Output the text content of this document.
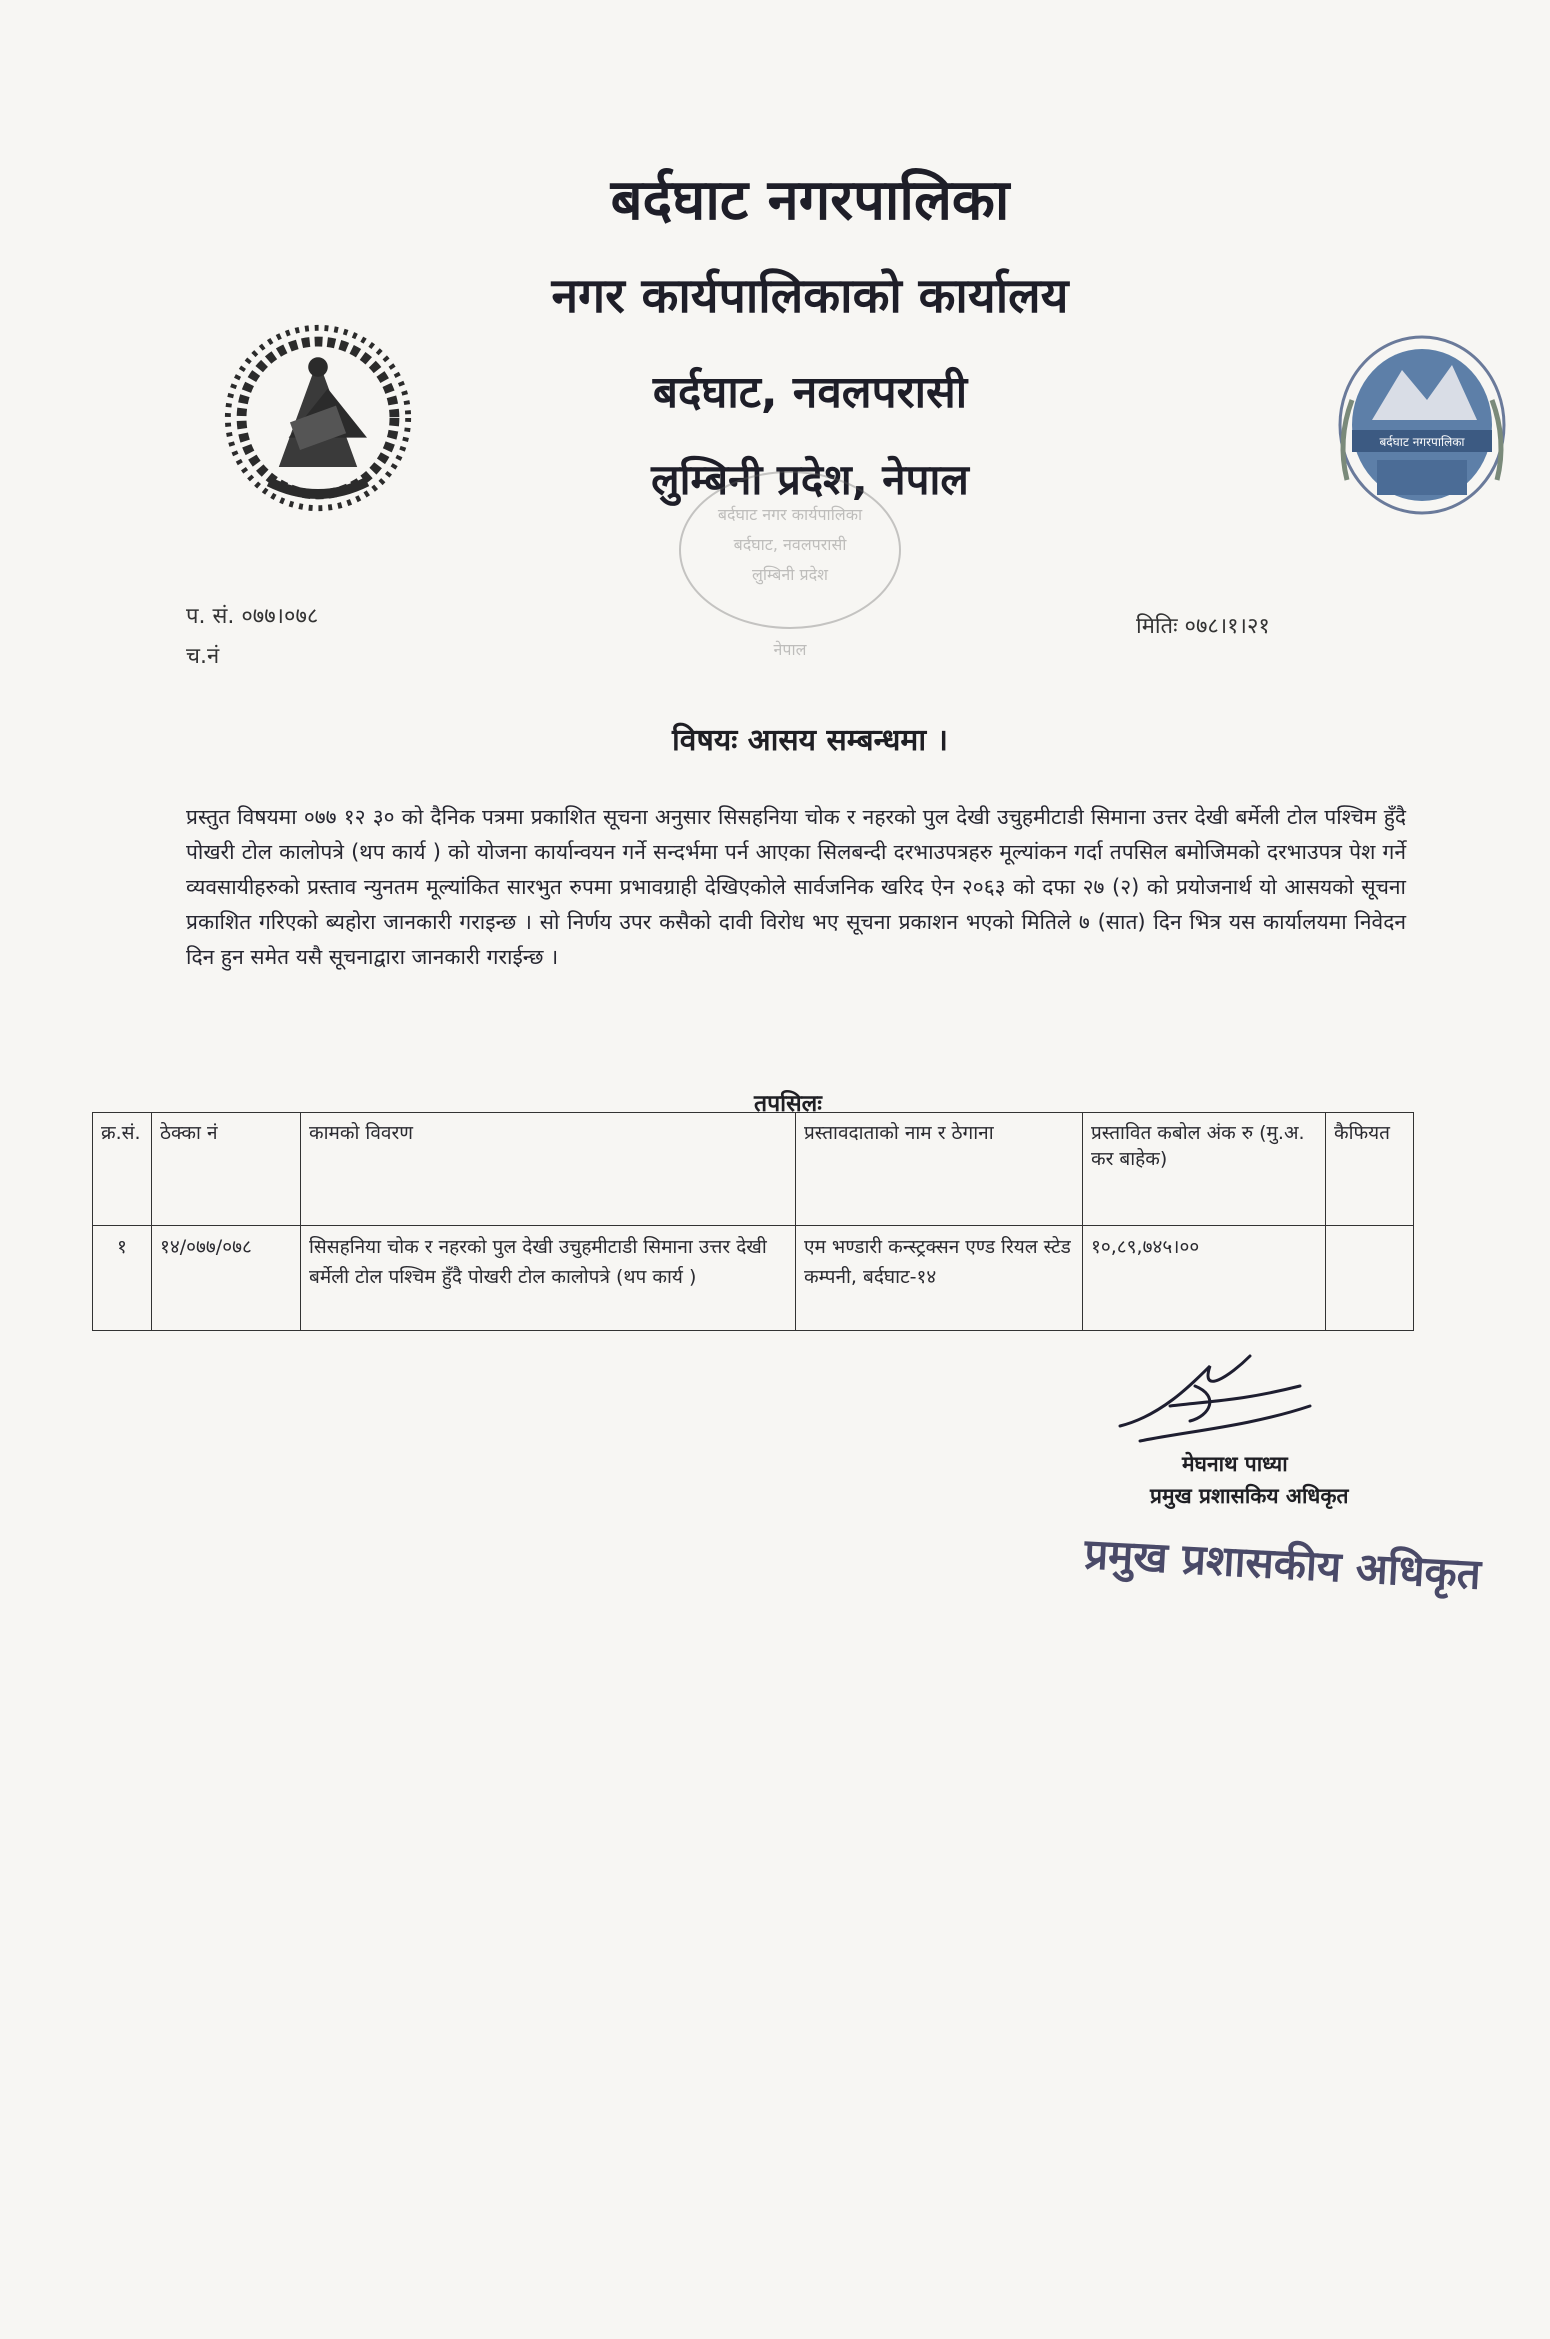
बर्दघाट नगरपालिका
बर्दघाट नगरपालिका
नगर कार्यपालिकाको कार्यालय
बर्दघाट, नवलपरासी
लुम्बिनी प्रदेश, नेपाल
बर्दघाट नगर कार्यपालिका
बर्दघाट, नवलपरासी
लुम्बिनी प्रदेश
नेपाल
प. सं. ०७७।०७८
च.नं
मितिः ०७८।१।२१
विषयः आसय सम्बन्धमा ।
प्रस्तुत विषयमा ०७७ १२ ३० को दैनिक पत्रमा प्रकाशित सूचना अनुसार सिसहनिया चोक र नहरको पुल देखी उचुहमीटाडी सिमाना उत्तर देखी बर्मेली टोल पश्चिम हुँदै पोखरी टोल कालोपत्रे (थप कार्य ) को योजना कार्यान्वयन गर्ने सन्दर्भमा पर्न आएका सिलबन्दी दरभाउपत्रहरु मूल्यांकन गर्दा तपसिल बमोजिमको दरभाउपत्र पेश गर्ने व्यवसायीहरुको प्रस्ताव न्युनतम मूल्यांकित सारभुत रुपमा प्रभावग्राही देखिएकोले सार्वजनिक खरिद ऐन २०६३ को दफा २७ (२) को प्रयोजनार्थ यो आसयको सूचना प्रकाशित गरिएको ब्यहोरा जानकारी गराइन्छ । सो निर्णय उपर कसैको दावी विरोध भए सूचना प्रकाशन भएको मितिले ७ (सात) दिन भित्र यस कार्यालयमा निवेदन दिन हुन समेत यसै सूचनाद्वारा जानकारी गराईन्छ ।
तपसिलः
क्र.सं.	ठेक्का नं	कामको विवरण	प्रस्तावदाताको नाम र ठेगाना	प्रस्तावित कबोल अंक रु (मु.अ. कर बाहेक)	कैफियत
१	१४/०७७/०७८	सिसहनिया चोक र नहरको पुल देखी उचुहमीटाडी सिमाना उत्तर देखी बर्मेली टोल पश्चिम हुँदै पोखरी टोल कालोपत्रे (थप कार्य )	एम भण्डारी कन्स्ट्रक्सन एण्ड रियल स्टेड कम्पनी, बर्दघाट-१४	१०,८९,७४५।००	
मेघनाथ पाध्या
प्रमुख प्रशासकिय अधिकृत
प्रमुख प्रशासकीय अधिकृत
